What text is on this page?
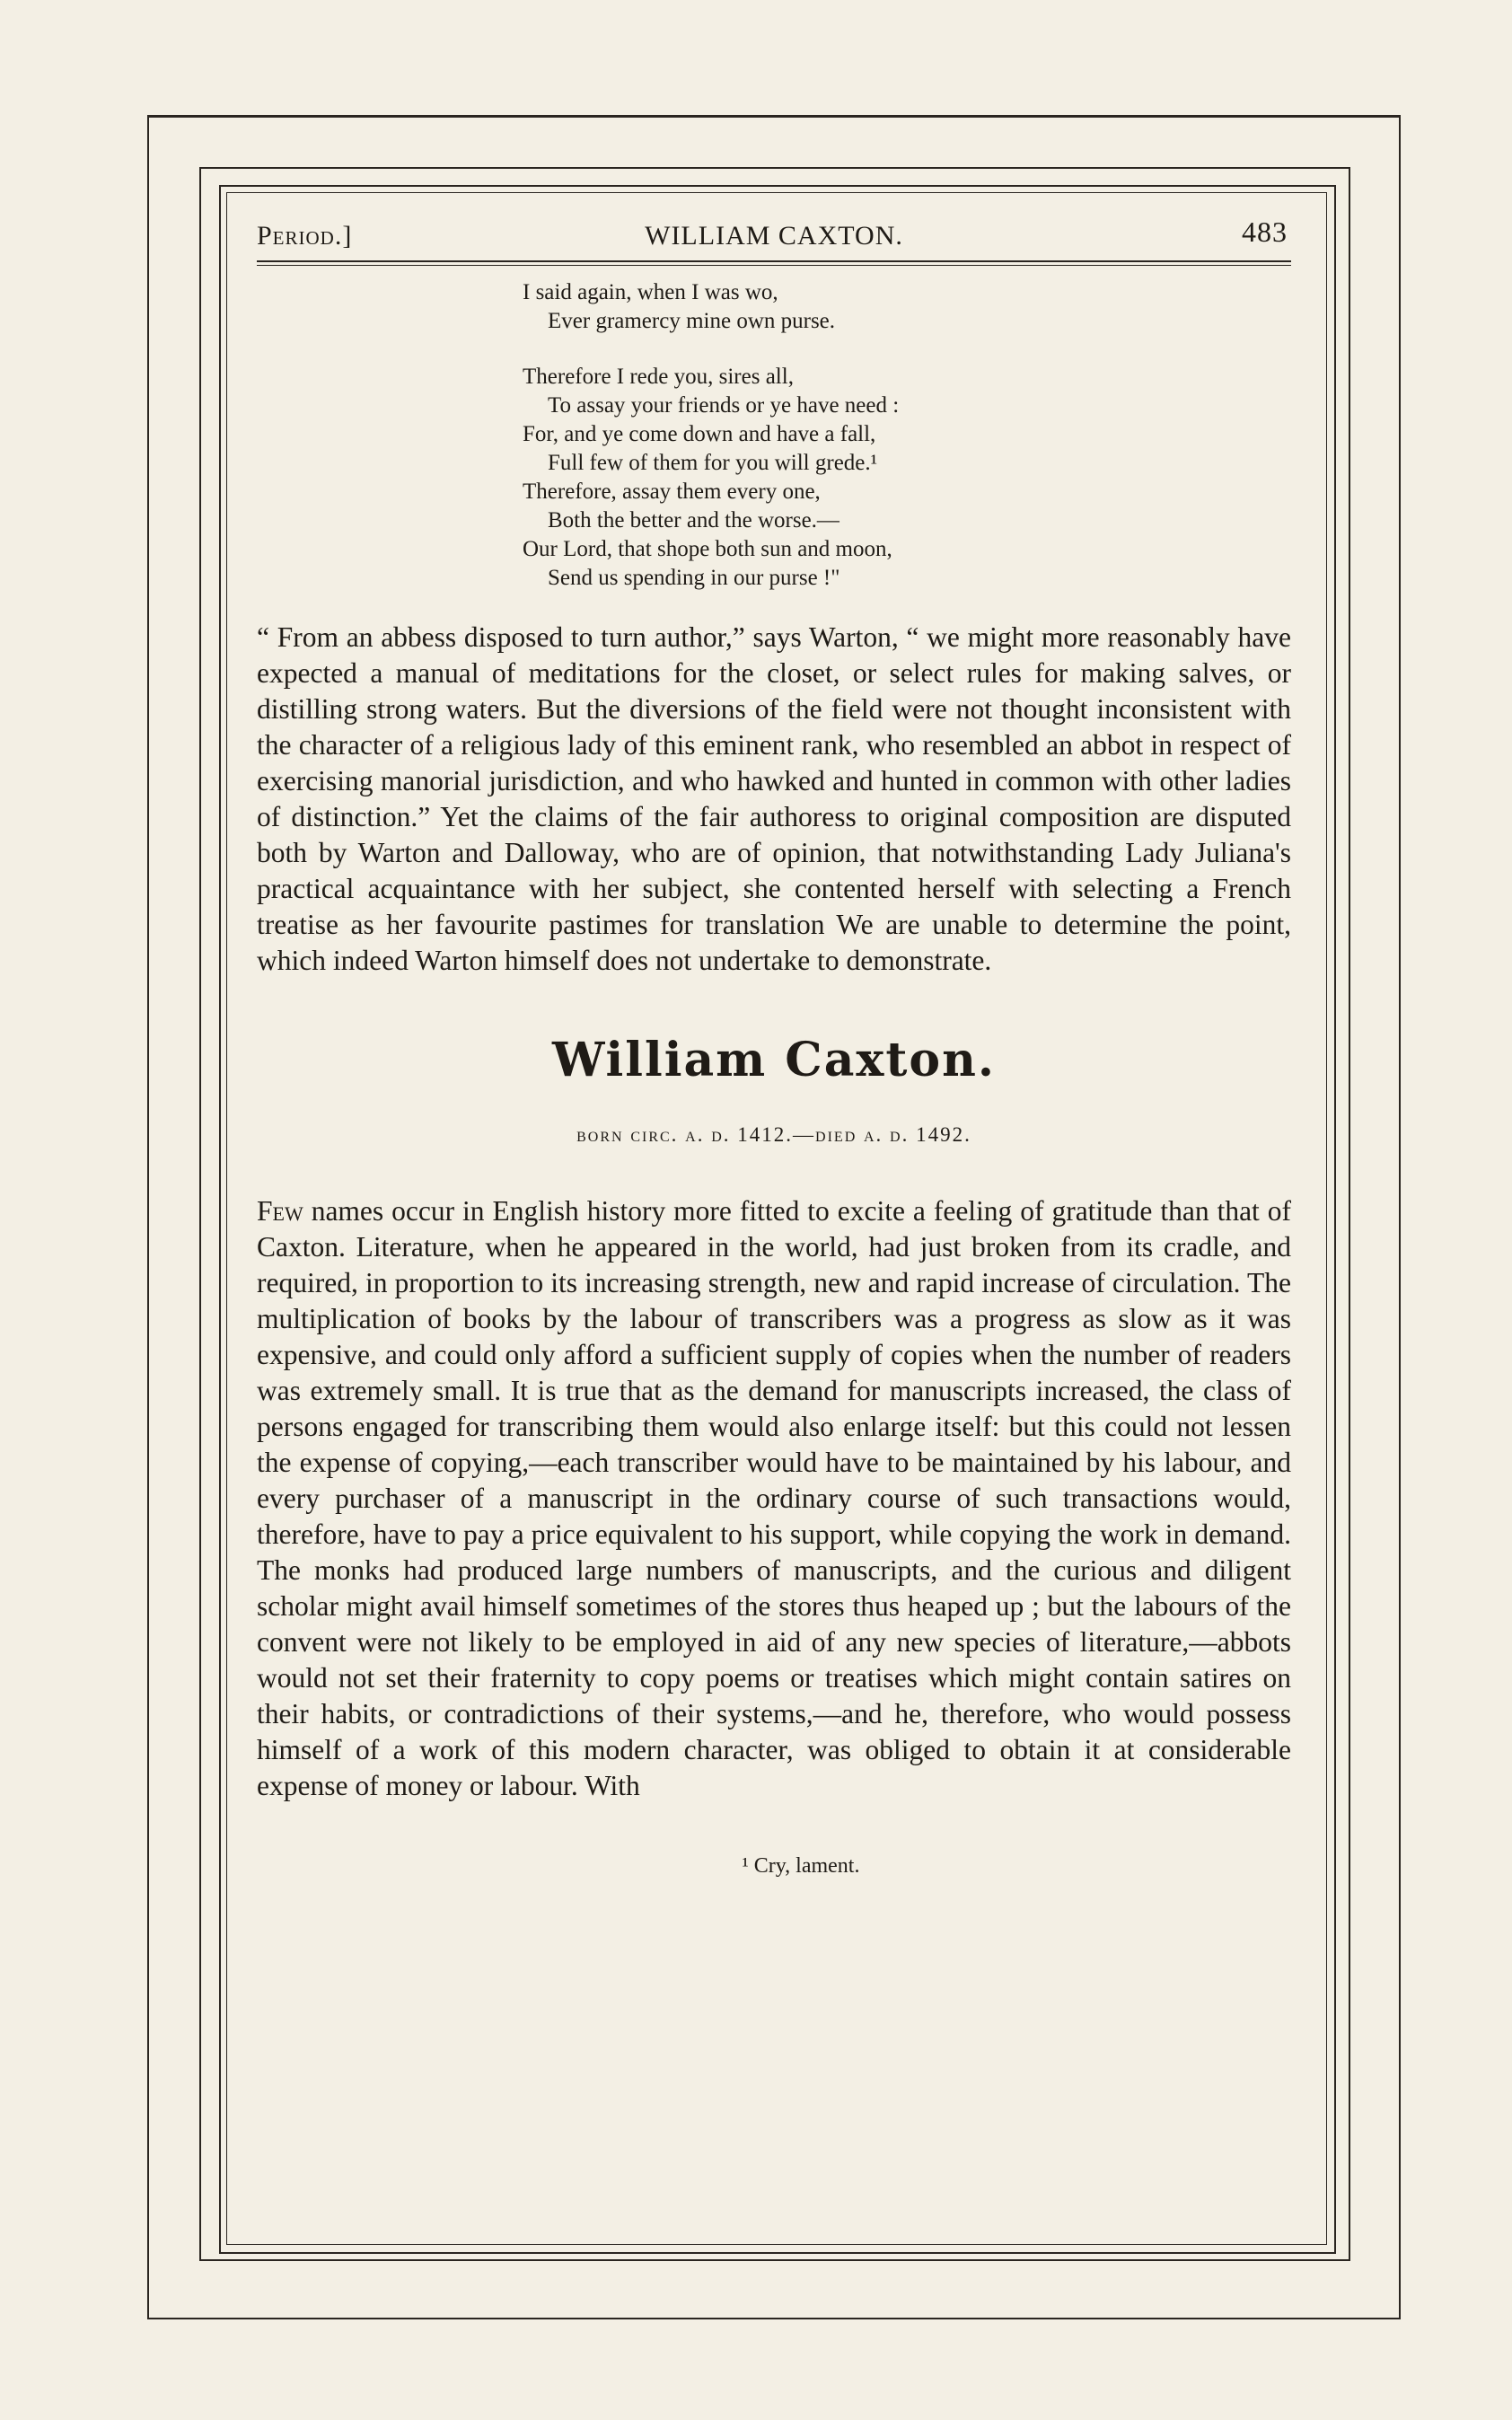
Period.]	WILLIAM CAXTON.	483
I said again, when I was wo,
Ever gramercy mine own purse.
Therefore I rede you, sires all,
To assay your friends or ye have need :
For, and ye come down and have a fall,
Full few of them for you will grede.¹
Therefore, assay them every one,
Both the better and the worse.—
Our Lord, that shope both sun and moon,
Send us spending in our purse !"

“ From an abbess disposed to turn author,” says Warton, “ we might more reasonably have expected a manual of meditations for the closet, or select rules for making salves, or distilling strong waters. But the diversions of the field were not thought inconsistent with the character of a religious lady of this eminent rank, who resembled an abbot in respect of exercising manorial jurisdiction, and who hawked and hunted in common with other ladies of distinction.” Yet the claims of the fair authoress to original composition are disputed both by Warton and Dalloway, who are of opinion, that notwithstanding Lady Juliana's practical acquaintance with her subject, she contented herself with selecting a French treatise as her favourite pastimes for translation We are unable to determine the point, which indeed Warton himself does not undertake to demonstrate.

William Caxton.
born circ. a. d. 1412.—died a. d. 1492.

Few names occur in English history more fitted to excite a feeling of gratitude than that of Caxton. Literature, when he appeared in the world, had just broken from its cradle, and required, in proportion to its increasing strength, new and rapid increase of circulation. The multiplication of books by the labour of transcribers was a progress as slow as it was expensive, and could only afford a sufficient supply of copies when the number of readers was extremely small. It is true that as the demand for manuscripts increased, the class of persons engaged for transcribing them would also enlarge itself: but this could not lessen the expense of copying,—each transcriber would have to be maintained by his labour, and every purchaser of a manuscript in the ordinary course of such transactions would, therefore, have to pay a price equivalent to his support, while copying the work in demand. The monks had produced large numbers of manuscripts, and the curious and diligent scholar might avail himself sometimes of the stores thus heaped up ; but the labours of the convent were not likely to be employed in aid of any new species of literature,—abbots would not set their fraternity to copy poems or treatises which might contain satires on their habits, or contradictions of their systems,—and he, therefore, who would possess himself of a work of this modern character, was obliged to obtain it at considerable expense of money or labour. With

¹ Cry, lament.
